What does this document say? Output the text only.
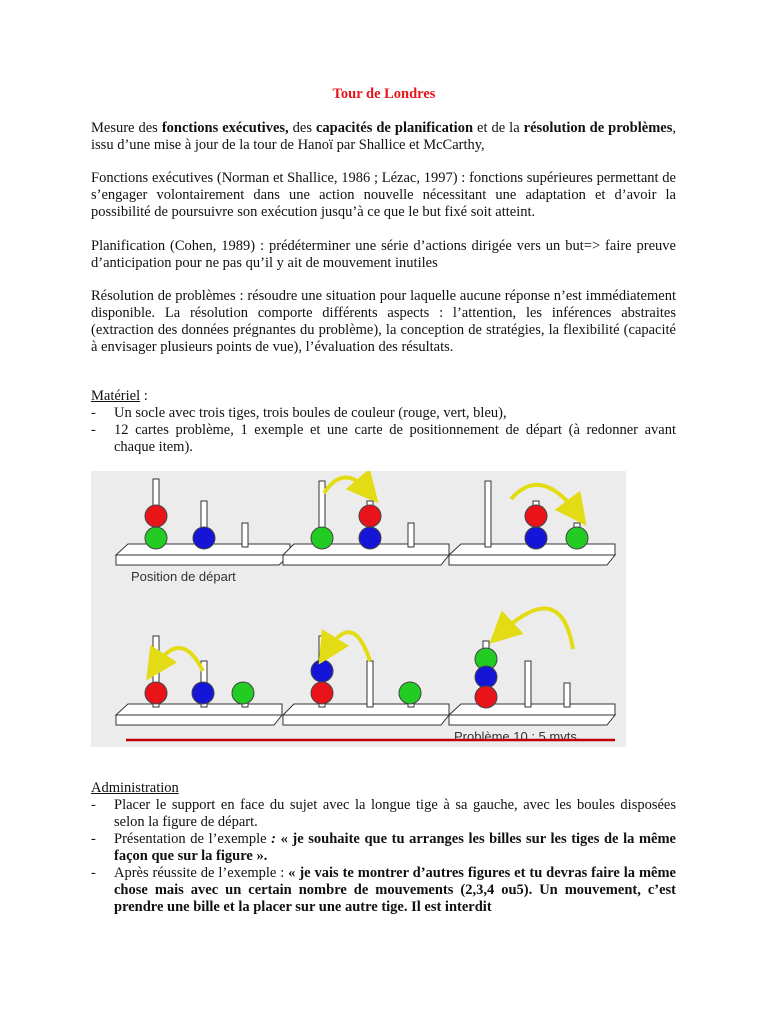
Tour de Londres
Mesure des fonctions exécutives, des capacités de planification et de la résolution de problèmes, issu d’une mise à jour de la tour de Hanoï par Shallice et McCarthy,
Fonctions exécutives (Norman et Shallice, 1986 ; Lézac, 1997) : fonctions supérieures permettant de s’engager volontairement dans une action nouvelle nécessitant une adaptation et d’avoir la possibilité de poursuivre son exécution jusqu’à ce que le but fixé soit atteint.
Planification (Cohen, 1989) : prédéterminer une série d’actions dirigée vers un but=> faire preuve d’anticipation pour ne pas qu’il y ait de mouvement inutiles
Résolution de problèmes : résoudre une situation pour laquelle aucune réponse n’est immédiatement disponible. La résolution comporte différents aspects : l’attention, les inférences abstraites (extraction des données prégnantes du problème), la conception de stratégies, la flexibilité (capacité à envisager plusieurs points de vue), l’évaluation des résultats.
Matériel :
- Un socle avec trois tiges, trois boules de couleur (rouge, vert, bleu),
- 12 cartes problème, 1 exemple et une carte de positionnement de départ (à redonner avant chaque item).
Position de départ
Problème 10 : 5 mvts
Administration
- Placer le support en face du sujet avec la longue tige à sa gauche, avec les boules disposées selon la figure de départ.
- Présentation de l’exemple : « je souhaite que tu arranges les billes sur les tiges de la même façon que sur la figure ».
- Après réussite de l’exemple : « je vais te montrer d’autres figures et tu devras faire la même chose mais avec un certain nombre de mouvements (2,3,4 ou5). Un mouvement, c’est prendre une bille et la placer sur une autre tige. Il est interdit
